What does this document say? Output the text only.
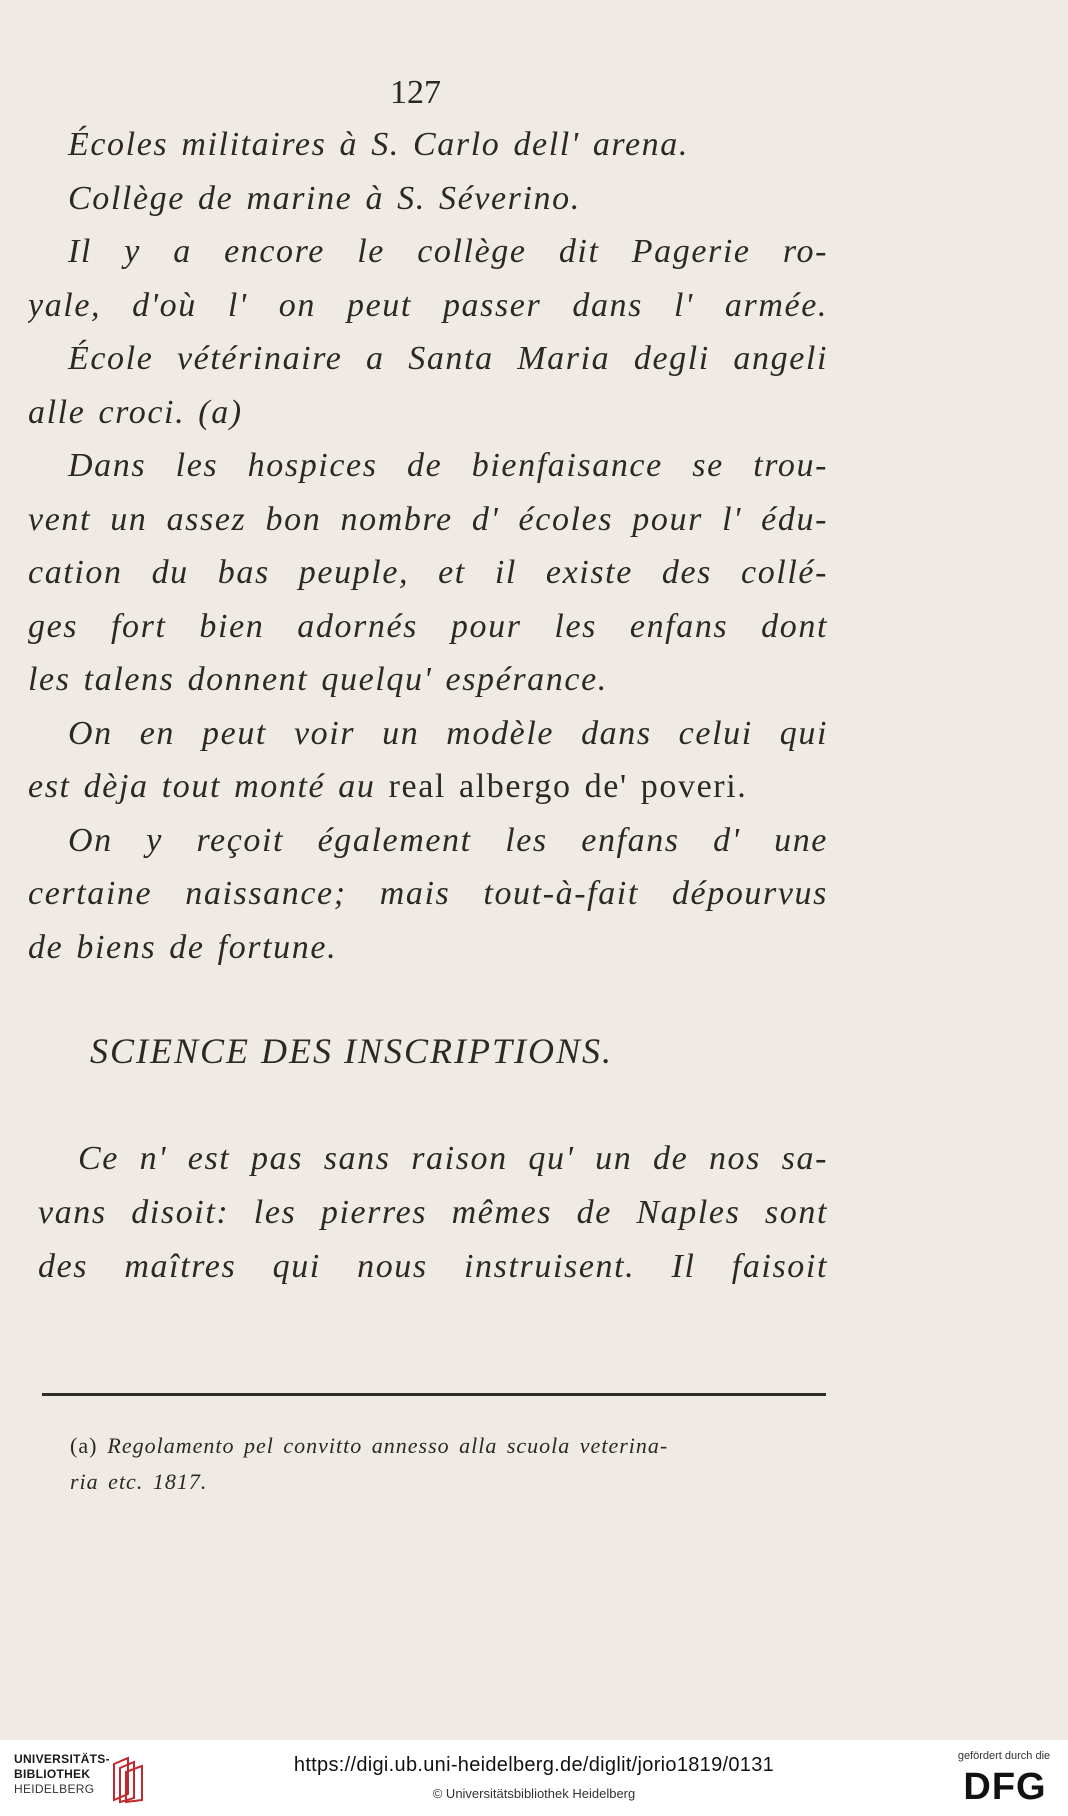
127
Écoles militaires à S. Carlo dell' arena.
Collège de marine à S. Séverino.
Il y a encore le collège dit Pagerie ro-
yale, d'où l' on peut passer dans l' armée.
École vétérinaire a Santa Maria degli angeli
alle croci. (a)
Dans les hospices de bienfaisance se trou-
vent un assez bon nombre d' écoles pour l' édu-
cation du bas peuple, et il existe des collé-
ges fort bien adornés pour les enfans dont
les talens donnent quelqu' espérance.
On en peut voir un modèle dans celui qui
est dèja tout monté au real albergo de' poveri.
On y reçoit également les enfans d' une
certaine naissance; mais tout-à-fait dépourvus
de biens de fortune.
SCIENCE DES INSCRIPTIONS.
Ce n' est pas sans raison qu' un de nos sa-
vans disoit: les pierres mêmes de Naples sont
des maîtres qui nous instruisent. Il faisoit
(a) Regolamento pel convitto annesso alla scuola veterina-
ria etc. 1817.
UNIVERSITÄTS-
BIBLIOTHEK
HEIDELBERG
https://digi.ub.uni-heidelberg.de/diglit/jorio1819/0131
© Universitätsbibliothek Heidelberg
gefördert durch die
DFG
